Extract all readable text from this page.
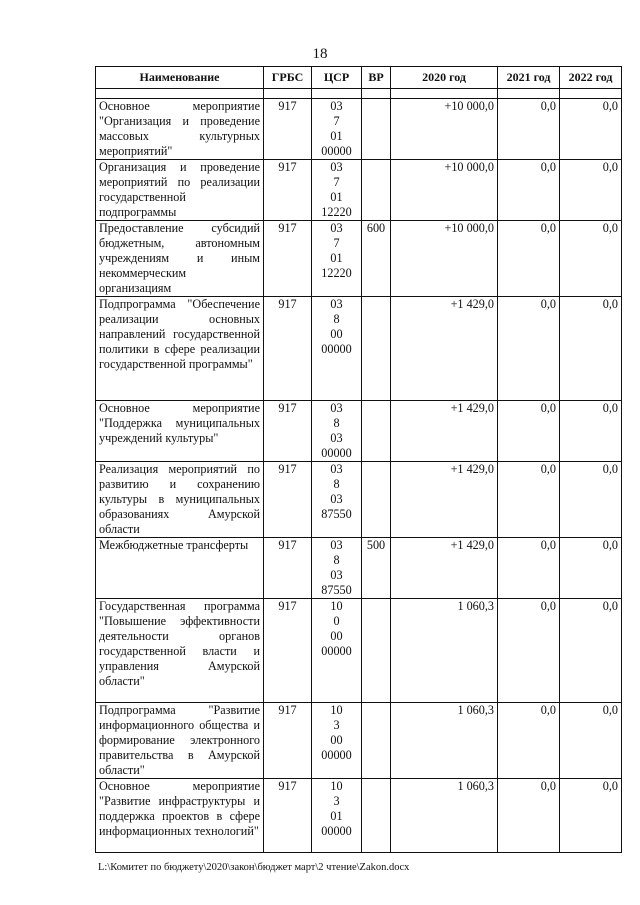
18
Наименование	ГРБС	ЦСР	ВР	2020 год	2021 год	2022 год

Основное мероприятие "Организация и проведение массовых культурных мероприятий"	917	03 7 01 00000		+10 000,0	0,0	0,0
Организация и проведение мероприятий по реализации государственной подпрограммы	917	03 7 01 12220		+10 000,0	0,0	0,0
Предоставление субсидий бюджетным, автономным учреждениям и иным некоммерческим организациям	917	03 7 01 12220	600	+10 000,0	0,0	0,0
Подпрограмма "Обеспечение реализации основных направлений государственной политики в сфере реализации государственной программы"	917	03 8 00 00000		+1 429,0	0,0	0,0
Основное мероприятие "Поддержка муниципальных учреждений культуры"	917	03 8 03 00000		+1 429,0	0,0	0,0
Реализация мероприятий по развитию и сохранению культуры в муниципальных образованиях Амурской области	917	03 8 03 87550		+1 429,0	0,0	0,0
Межбюджетные трансферты	917	03 8 03 87550	500	+1 429,0	0,0	0,0
Государственная программа "Повышение эффективности деятельности органов государственной власти и управления Амурской области"	917	10 0 00 00000		1 060,3	0,0	0,0
Подпрограмма "Развитие информационного общества и формирование электронного правительства в Амурской области"	917	10 3 00 00000		1 060,3	0,0	0,0
Основное мероприятие "Развитие инфраструктуры и поддержка проектов в сфере информационных технологий"	917	10 3 01 00000		1 060,3	0,0	0,0
L:\Комитет по бюджету\2020\закон\бюджет март\2 чтение\Zakon.docx
